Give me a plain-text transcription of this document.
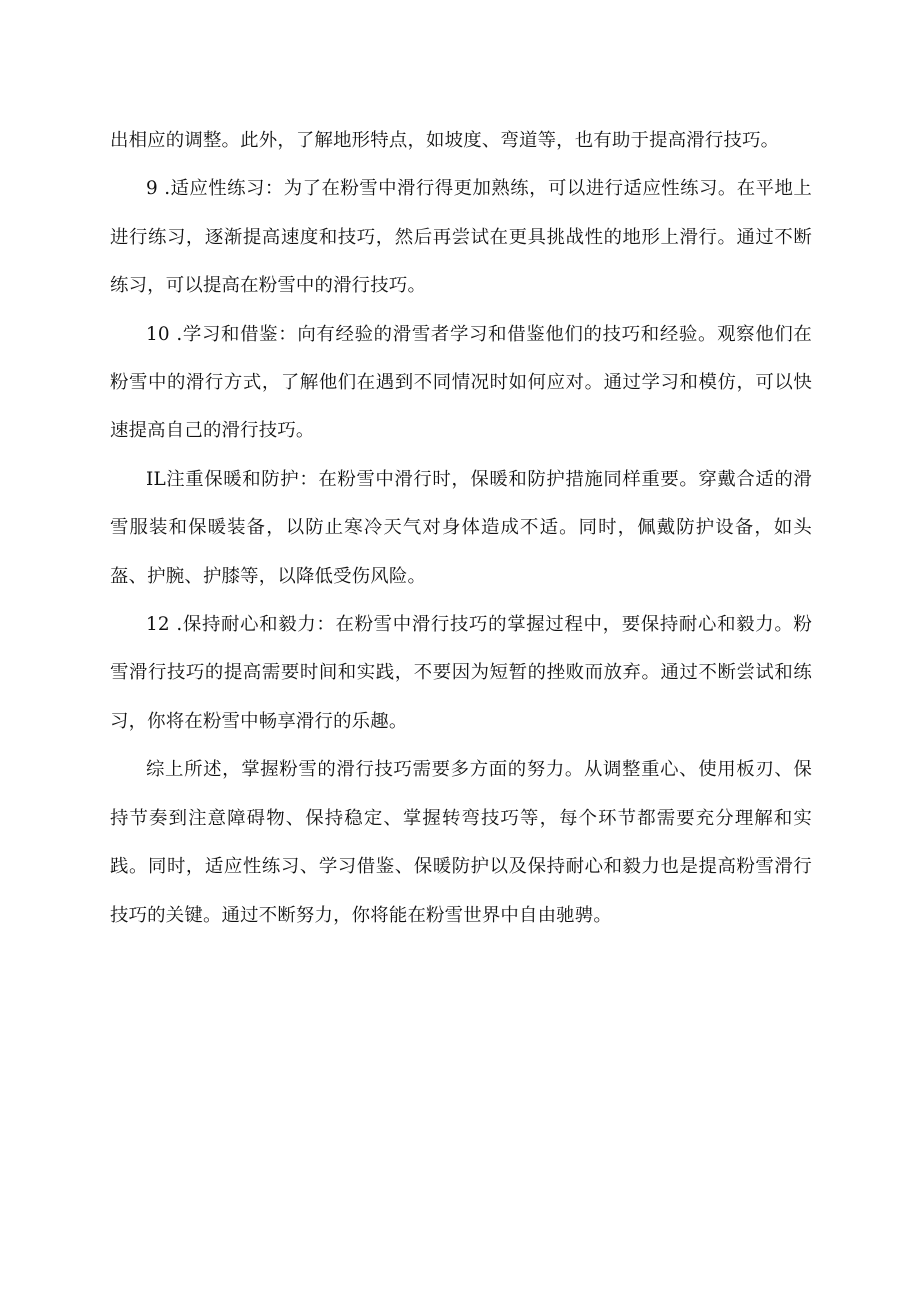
出相应的调整。此外，了解地形特点，如坡度、弯道等，也有助于提高滑行技巧。

9 .适应性练习：为了在粉雪中滑行得更加熟练，可以进行适应性练习。在平地上进行练习，逐渐提高速度和技巧，然后再尝试在更具挑战性的地形上滑行。通过不断练习，可以提高在粉雪中的滑行技巧。

10 .学习和借鉴：向有经验的滑雪者学习和借鉴他们的技巧和经验。观察他们在粉雪中的滑行方式，了解他们在遇到不同情况时如何应对。通过学习和模仿，可以快速提高自己的滑行技巧。

IL注重保暖和防护：在粉雪中滑行时，保暖和防护措施同样重要。穿戴合适的滑雪服装和保暖装备，以防止寒冷天气对身体造成不适。同时，佩戴防护设备，如头盔、护腕、护膝等，以降低受伤风险。

12 .保持耐心和毅力：在粉雪中滑行技巧的掌握过程中，要保持耐心和毅力。粉雪滑行技巧的提高需要时间和实践，不要因为短暂的挫败而放弃。通过不断尝试和练习，你将在粉雪中畅享滑行的乐趣。

综上所述，掌握粉雪的滑行技巧需要多方面的努力。从调整重心、使用板刃、保持节奏到注意障碍物、保持稳定、掌握转弯技巧等，每个环节都需要充分理解和实践。同时，适应性练习、学习借鉴、保暖防护以及保持耐心和毅力也是提高粉雪滑行技巧的关键。通过不断努力，你将能在粉雪世界中自由驰骋。
